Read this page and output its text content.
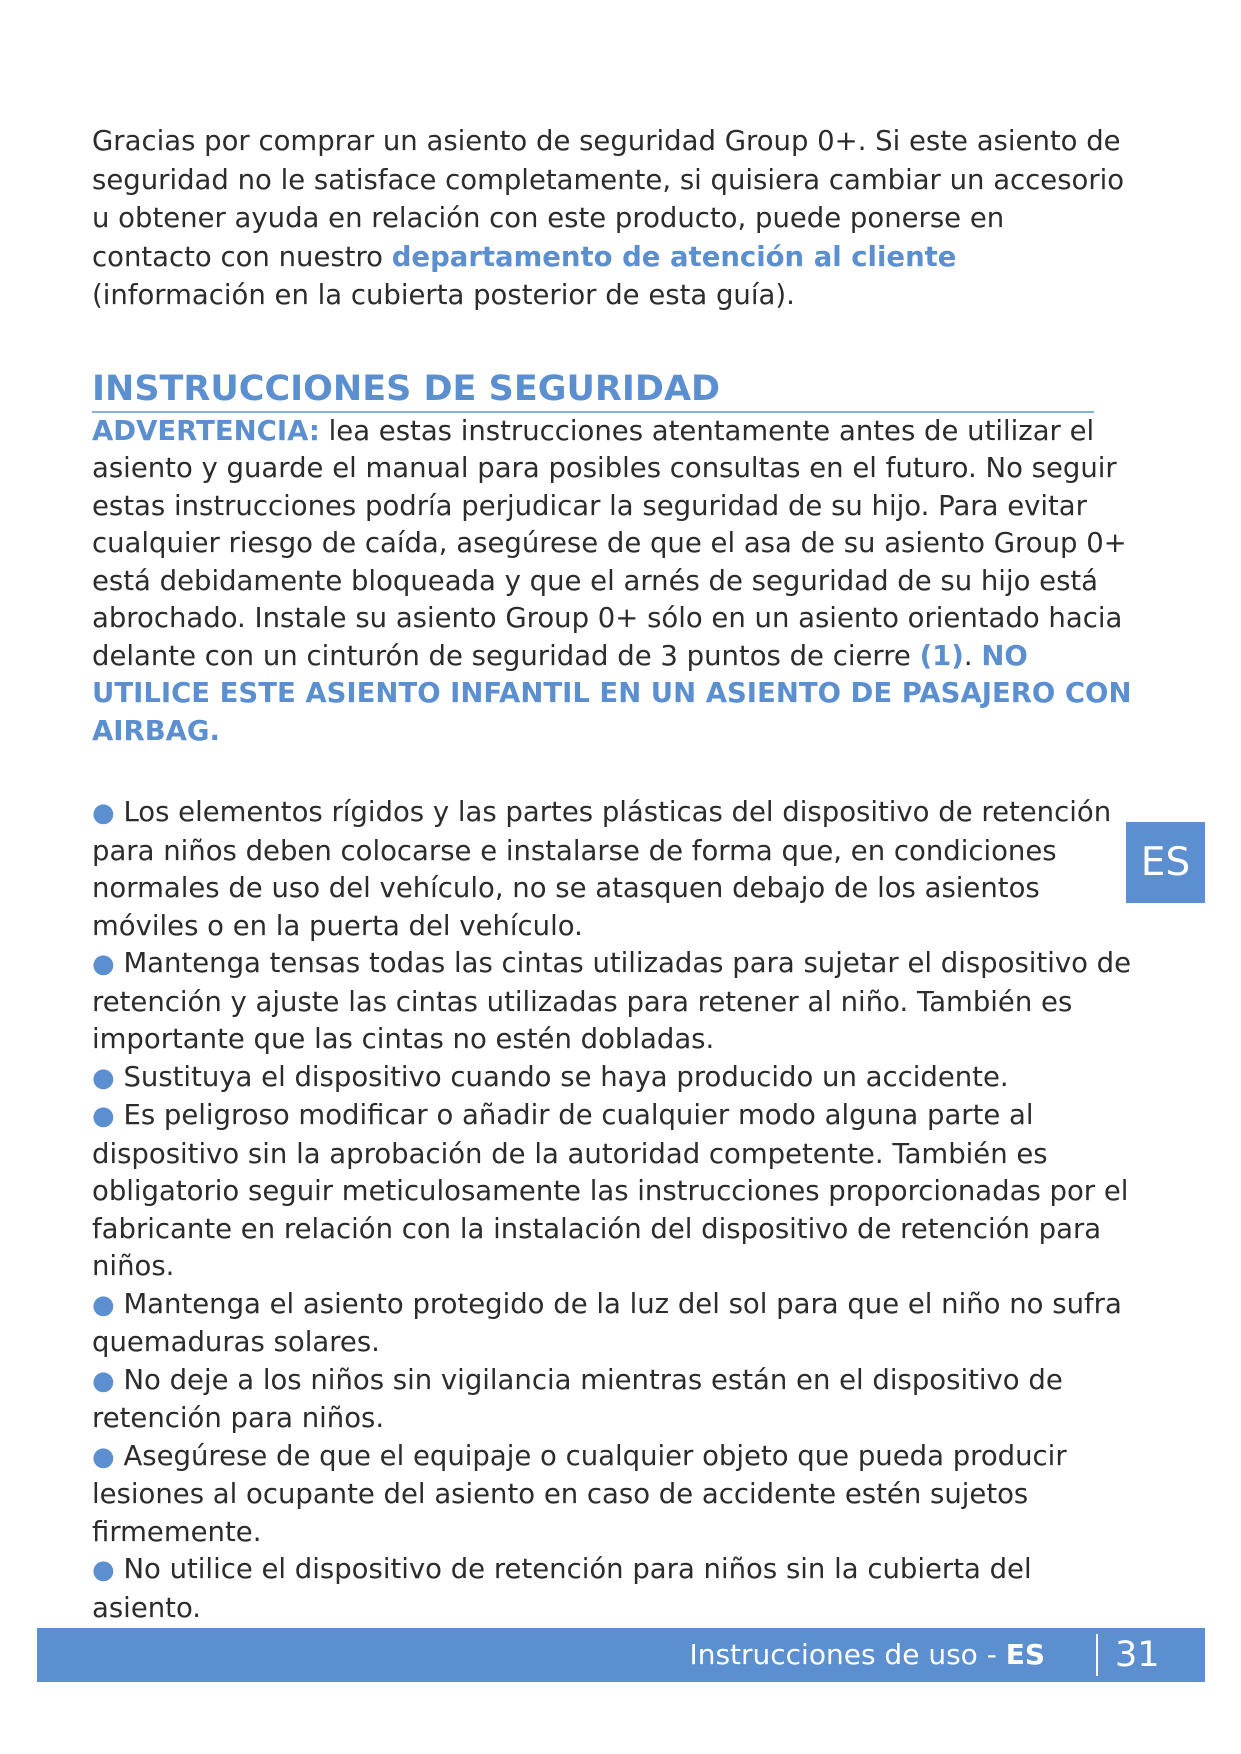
Gracias por comprar un asiento de seguridad Group 0+. Si este asiento de seguridad no le satisface completamente, si quisiera cambiar un accesorio u obtener ayuda en relación con este producto, puede ponerse en contacto con nuestro departamento de atención al cliente (información en la cubierta posterior de esta guía).

INSTRUCCIONES DE SEGURIDAD

ADVERTENCIA: lea estas instrucciones atentamente antes de utilizar el asiento y guarde el manual para posibles consultas en el futuro. No seguir estas instrucciones podría perjudicar la seguridad de su hijo. Para evitar cualquier riesgo de caída, asegúrese de que el asa de su asiento Group 0+ está debidamente bloqueada y que el arnés de seguridad de su hijo está abrochado. Instale su asiento Group 0+ sólo en un asiento orientado hacia delante con un cinturón de seguridad de 3 puntos de cierre (1). NO UTILICE ESTE ASIENTO INFANTIL EN UN ASIENTO DE PASAJERO CON AIRBAG.

● Los elementos rígidos y las partes plásticas del dispositivo de retención para niños deben colocarse e instalarse de forma que, en condiciones normales de uso del vehículo, no se atasquen debajo de los asientos móviles o en la puerta del vehículo.
● Mantenga tensas todas las cintas utilizadas para sujetar el dispositivo de retención y ajuste las cintas utilizadas para retener al niño. También es importante que las cintas no estén dobladas.
● Sustituya el dispositivo cuando se haya producido un accidente.
● Es peligroso modificar o añadir de cualquier modo alguna parte al dispositivo sin la aprobación de la autoridad competente. También es obligatorio seguir meticulosamente las instrucciones proporcionadas por el fabricante en relación con la instalación del dispositivo de retención para niños.
● Mantenga el asiento protegido de la luz del sol para que el niño no sufra quemaduras solares.
● No deje a los niños sin vigilancia mientras están en el dispositivo de retención para niños.
● Asegúrese de que el equipaje o cualquier objeto que pueda producir lesiones al ocupante del asiento en caso de accidente estén sujetos firmemente.
● No utilice el dispositivo de retención para niños sin la cubierta del asiento.
ES
Instrucciones de uso - ES 31
